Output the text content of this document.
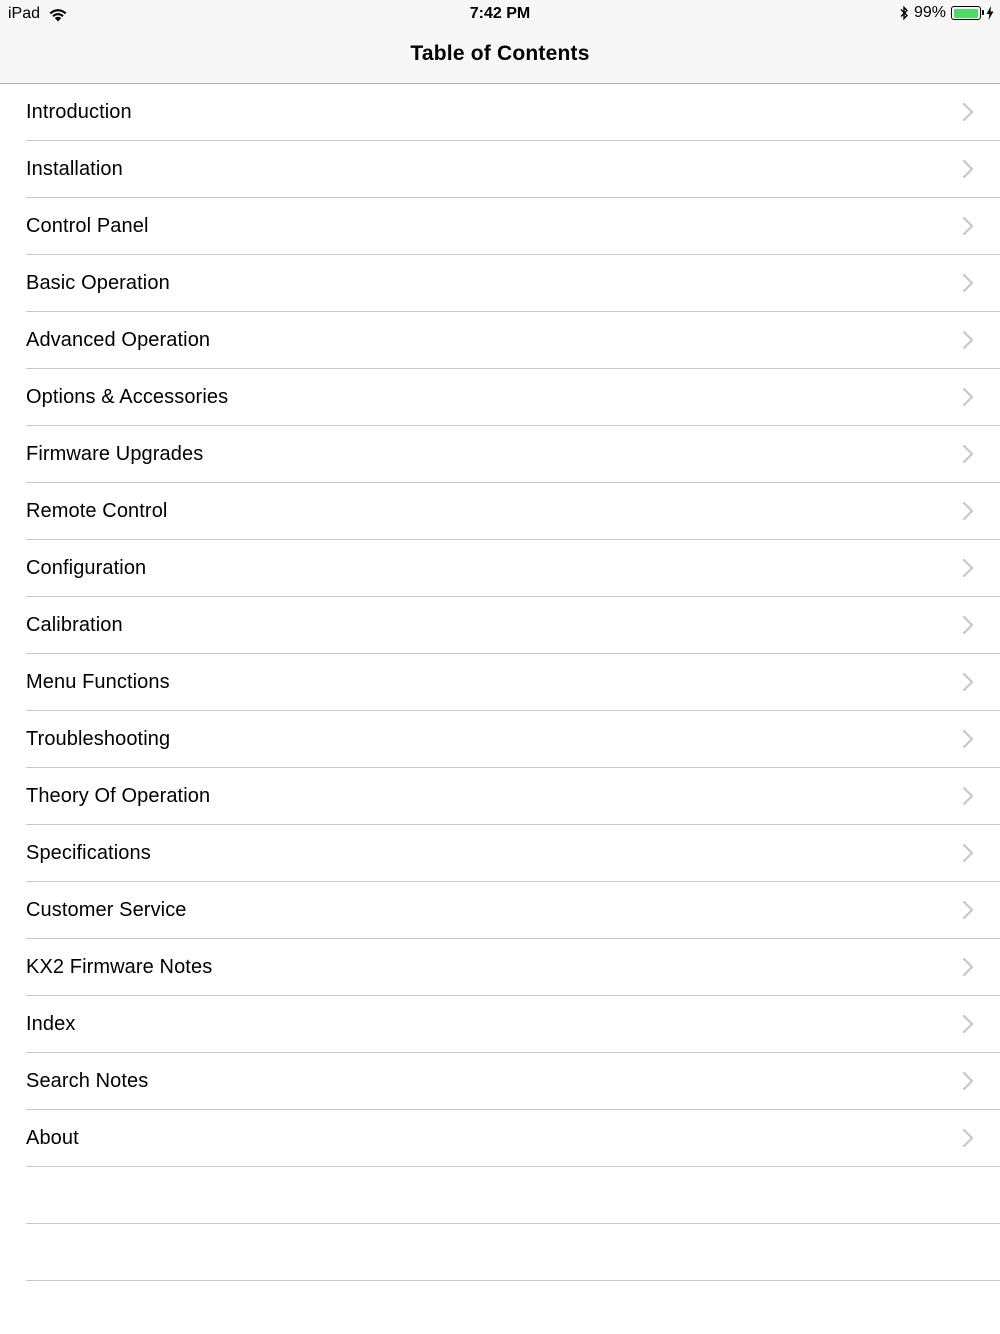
iPad	7:42 PM	99%
Table of Contents
Introduction
Installation
Control Panel
Basic Operation
Advanced Operation
Options & Accessories
Firmware Upgrades
Remote Control
Configuration
Calibration
Menu Functions
Troubleshooting
Theory Of Operation
Specifications
Customer Service
KX2 Firmware Notes
Index
Search Notes
About
